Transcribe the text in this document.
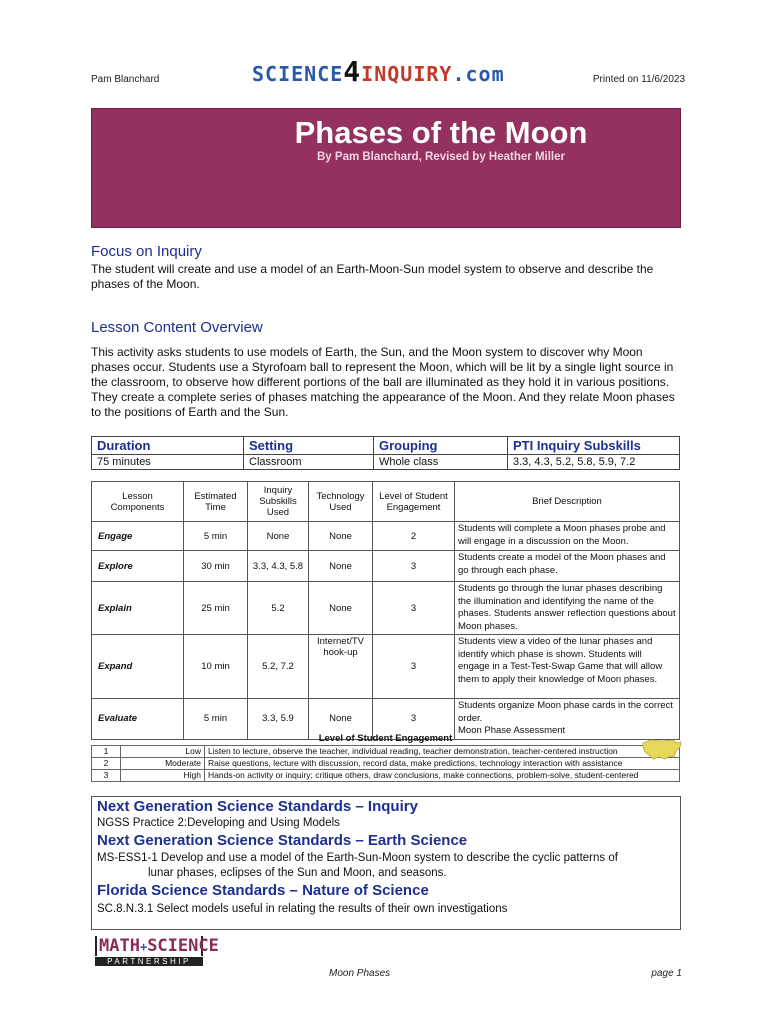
Pam Blanchard	SCIENCE4INQUIRY.com	Printed on 11/6/2023
Phases of the Moon
By Pam Blanchard, Revised by Heather Miller
Focus on Inquiry
The student will create and use a model of an Earth-Moon-Sun model system to observe and describe the phases of the Moon.
Lesson Content Overview
This activity asks students to use models of Earth, the Sun, and the Moon system to discover why Moon phases occur. Students use a Styrofoam ball to represent the Moon, which will be lit by a single light source in the classroom, to observe how different portions of the ball are illuminated as they hold it in various positions. They create a complete series of phases matching the appearance of the Moon. And they relate Moon phases to the positions of Earth and the Sun.
Duration	Setting	Grouping	PTI Inquiry Subskills
75 minutes	Classroom	Whole class	3.3, 4.3, 5.2, 5.8, 5.9, 7.2
Lesson Components	Estimated Time	Inquiry Subskills Used	Technology Used	Level of Student Engagement	Brief Description
Engage	5 min	None	None	2	Students will complete a Moon phases probe and will engage in a discussion on the Moon.
Explore	30 min	3.3, 4.3, 5.8	None	3	Students create a model of the Moon phases and go through each phase.
Explain	25 min	5.2	None	3	Students go through the lunar phases describing the illumination and identifying the name of the phases. Students answer reflection questions about Moon phases.
Expand	10 min	5.2, 7.2	Internet/TV hook-up	3	Students view a video of the lunar phases and identify which phase is shown. Students will engage in a Test-Test-Swap Game that will allow them to apply their knowledge of Moon phases.
Evaluate	5 min	3.3, 5.9	None	3	Students organize Moon phase cards in the correct order.
Moon Phase Assessment
Level of Student Engagement
1	Low	Listen to lecture, observe the teacher, individual reading, teacher demonstration, teacher-centered instruction
2	Moderate	Raise questions, lecture with discussion, record data, make predictions, technology interaction with assistance
3	High	Hands-on activity or inquiry; critique others, draw conclusions, make connections, problem-solve, student-centered
Next Generation Science Standards – Inquiry
NGSS Practice 2:Developing and Using Models
Next Generation Science Standards – Earth Science
MS-ESS1-1 Develop and use a model of the Earth-Sun-Moon system to describe the cyclic patterns of
lunar phases, eclipses of the Sun and Moon, and seasons.
Florida Science Standards – Nature of Science
SC.8.N.3.1 Select models useful in relating the results of their own investigations
MATH+SCIENCE
PARTNERSHIP
Moon Phases	page 1
